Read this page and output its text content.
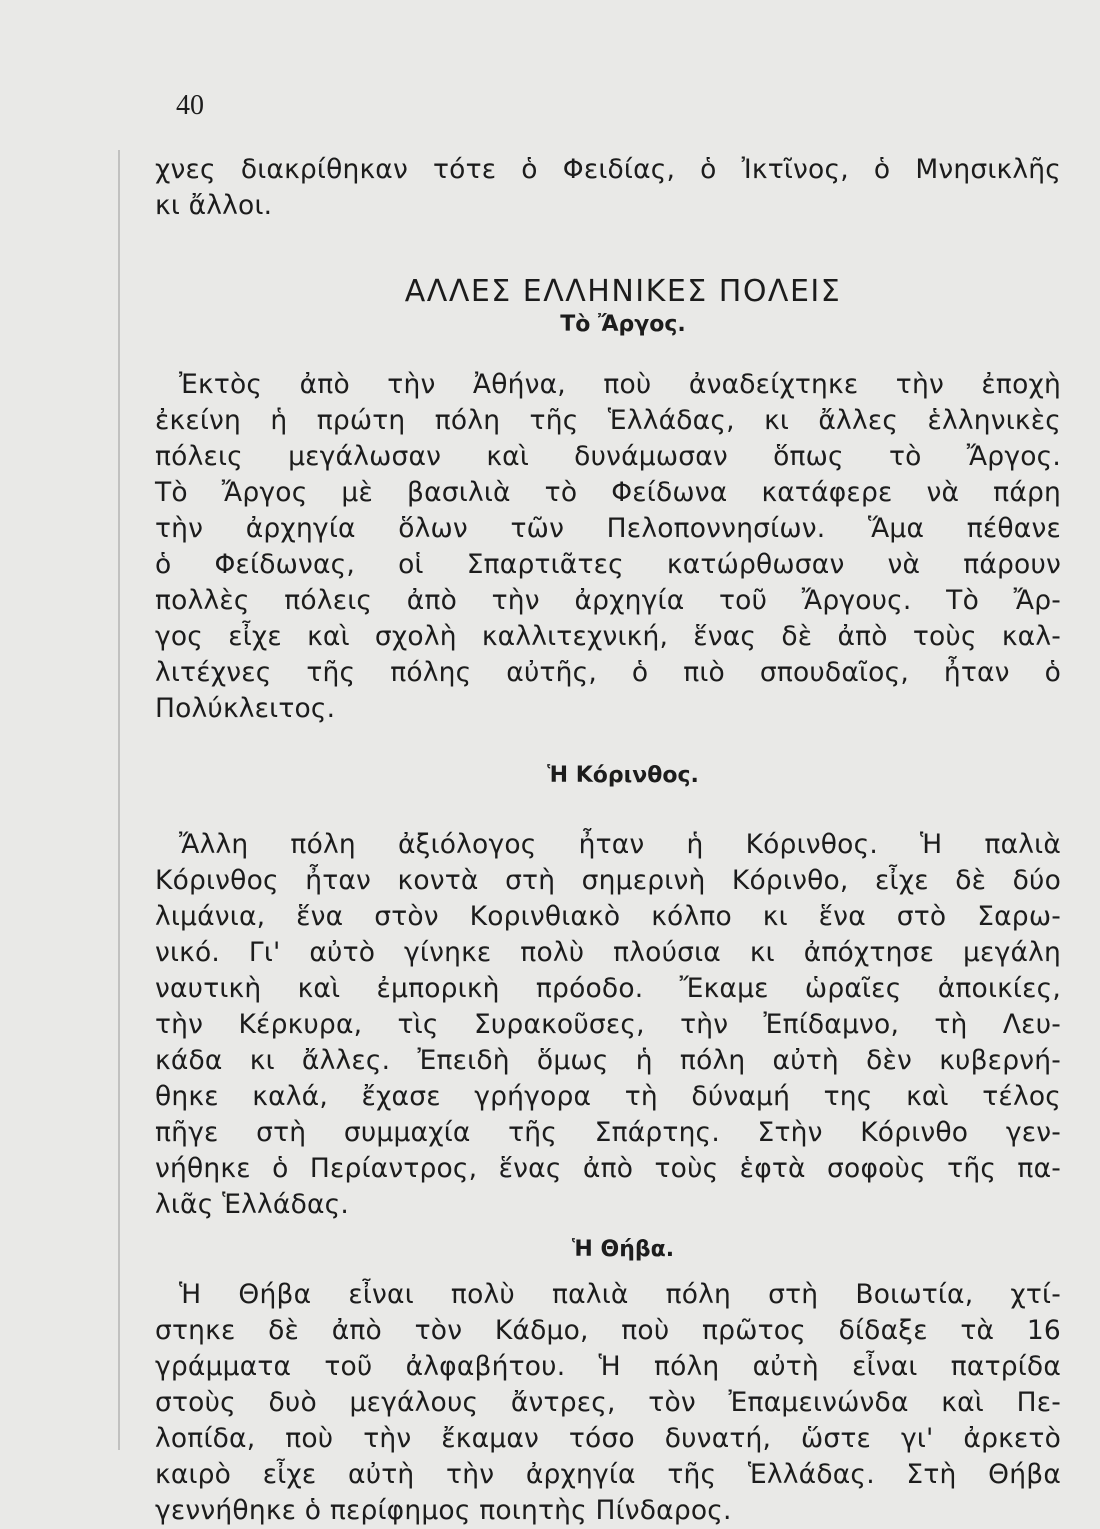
40
χνες διακρίθηκαν τότε ὁ Φειδίας, ὁ Ἰκτῖνος, ὁ Μνησικλῆς
κι ἄλλοι.
ΑΛΛΕΣ ΕΛΛΗΝΙΚΕΣ ΠΟΛΕΙΣ
Τὸ Ἄργος.
Ἐκτὸς ἀπὸ τὴν Ἀθήνα, ποὺ ἀναδείχτηκε τὴν ἐποχὴ
ἐκείνη ἡ πρώτη πόλη τῆς Ἑλλάδας, κι ἄλλες ἑλληνικὲς
πόλεις μεγάλωσαν καὶ δυνάμωσαν ὅπως τὸ Ἄργος.
Τὸ Ἄργος μὲ βασιλιὰ τὸ Φείδωνα κατάφερε νὰ πάρη
τὴν ἀρχηγία ὅλων τῶν Πελοποννησίων. Ἅμα πέθανε
ὁ Φείδωνας, οἱ Σπαρτιᾶτες κατώρθωσαν νὰ πάρουν
πολλὲς πόλεις ἀπὸ τὴν ἀρχηγία τοῦ Ἄργους. Τὸ Ἄρ-
γος εἶχε καὶ σχολὴ καλλιτεχνική, ἕνας δὲ ἀπὸ τοὺς καλ-
λιτέχνες τῆς πόλης αὐτῆς, ὁ πιὸ σπουδαῖος, ἦταν ὁ
Πολύκλειτος.
Ἡ Κόρινθος.
Ἄλλη πόλη ἀξιόλογος ἦταν ἡ Κόρινθος. Ἡ παλιὰ
Κόρινθος ἦταν κοντὰ στὴ σημερινὴ Κόρινθο, εἶχε δὲ δύο
λιμάνια, ἕνα στὸν Κορινθιακὸ κόλπο κι ἕνα στὸ Σαρω-
νικό. Γι' αὐτὸ γίνηκε πολὺ πλούσια κι ἀπόχτησε μεγάλη
ναυτικὴ καὶ ἐμπορικὴ πρόοδο. Ἔκαμε ὡραῖες ἀποικίες,
τὴν Κέρκυρα, τὶς Συρακοῦσες, τὴν Ἐπίδαμνο, τὴ Λευ-
κάδα κι ἄλλες. Ἐπειδὴ ὅμως ἡ πόλη αὐτὴ δὲν κυβερνή-
θηκε καλά, ἔχασε γρήγορα τὴ δύναμή της καὶ τέλος
πῆγε στὴ συμμαχία τῆς Σπάρτης. Στὴν Κόρινθο γεν-
νήθηκε ὁ Περίαντρος, ἕνας ἀπὸ τοὺς ἑφτὰ σοφοὺς τῆς πα-
λιᾶς Ἑλλάδας.
Ἡ Θήβα.
Ἡ Θήβα εἶναι πολὺ παλιὰ πόλη στὴ Βοιωτία, χτί-
στηκε δὲ ἀπὸ τὸν Κάδμο, ποὺ πρῶτος δίδαξε τὰ 16
γράμματα τοῦ ἀλφαβήτου. Ἡ πόλη αὐτὴ εἶναι πατρίδα
στοὺς δυὸ μεγάλους ἄντρες, τὸν Ἐπαμεινώνδα καὶ Πε-
λοπίδα, ποὺ τὴν ἔκαμαν τόσο δυνατή, ὥστε γι' ἀρκετὸ
καιρὸ εἶχε αὐτὴ τὴν ἀρχηγία τῆς Ἑλλάδας. Στὴ Θήβα
γεννήθηκε ὁ περίφημος ποιητὴς Πίνδαρος.
